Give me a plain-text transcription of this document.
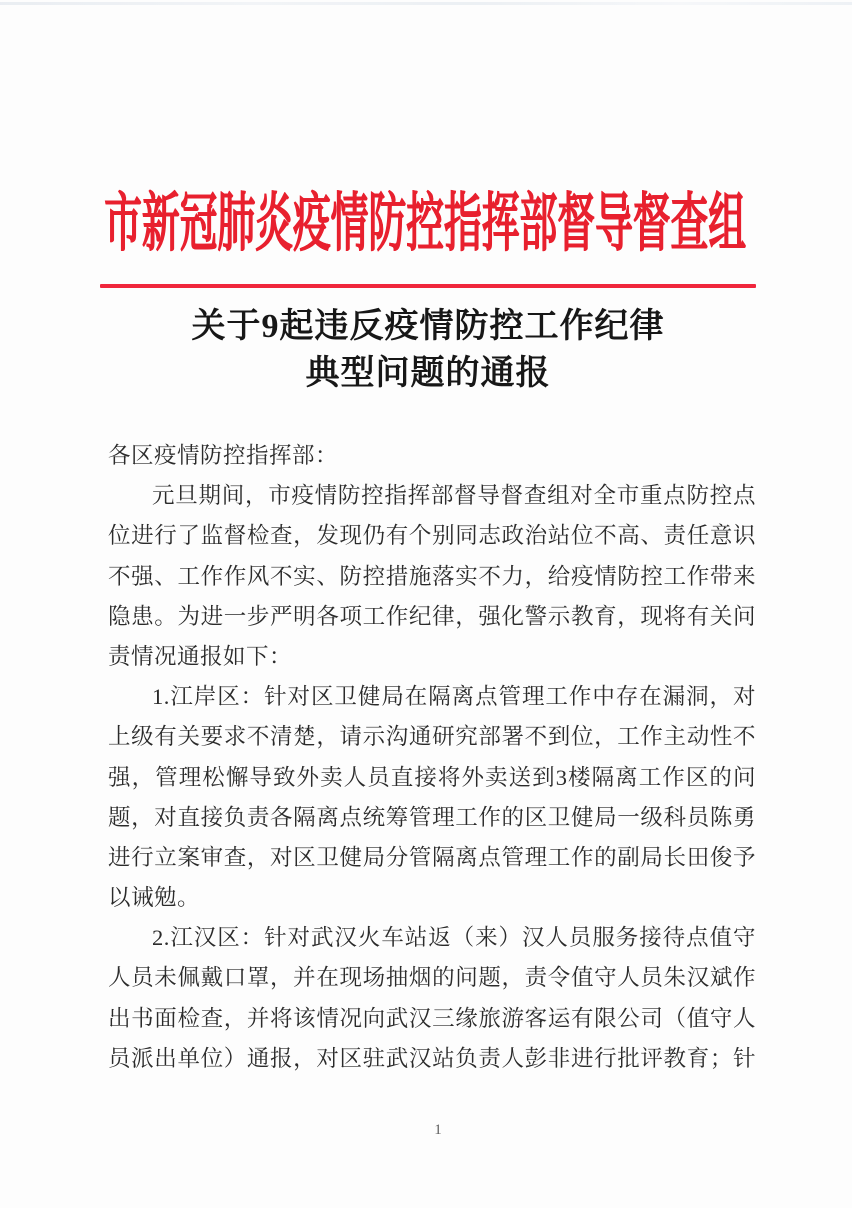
市新冠肺炎疫情防控指挥部督导督查组
关于9起违反疫情防控工作纪律
典型问题的通报
各区疫情防控指挥部：
元旦期间，市疫情防控指挥部督导督查组对全市重点防控点
位进行了监督检查，发现仍有个别同志政治站位不高、责任意识
不强、工作作风不实、防控措施落实不力，给疫情防控工作带来
隐患。为进一步严明各项工作纪律，强化警示教育，现将有关问
责情况通报如下：
1.江岸区：针对区卫健局在隔离点管理工作中存在漏洞，对
上级有关要求不清楚，请示沟通研究部署不到位，工作主动性不
强，管理松懈导致外卖人员直接将外卖送到3楼隔离工作区的问
题，对直接负责各隔离点统筹管理工作的区卫健局一级科员陈勇
进行立案审查，对区卫健局分管隔离点管理工作的副局长田俊予
以诫勉。
2.江汉区：针对武汉火车站返（来）汉人员服务接待点值守
人员未佩戴口罩，并在现场抽烟的问题，责令值守人员朱汉斌作
出书面检查，并将该情况向武汉三缘旅游客运有限公司（值守人
员派出单位）通报，对区驻武汉站负责人彭非进行批评教育；针
1
